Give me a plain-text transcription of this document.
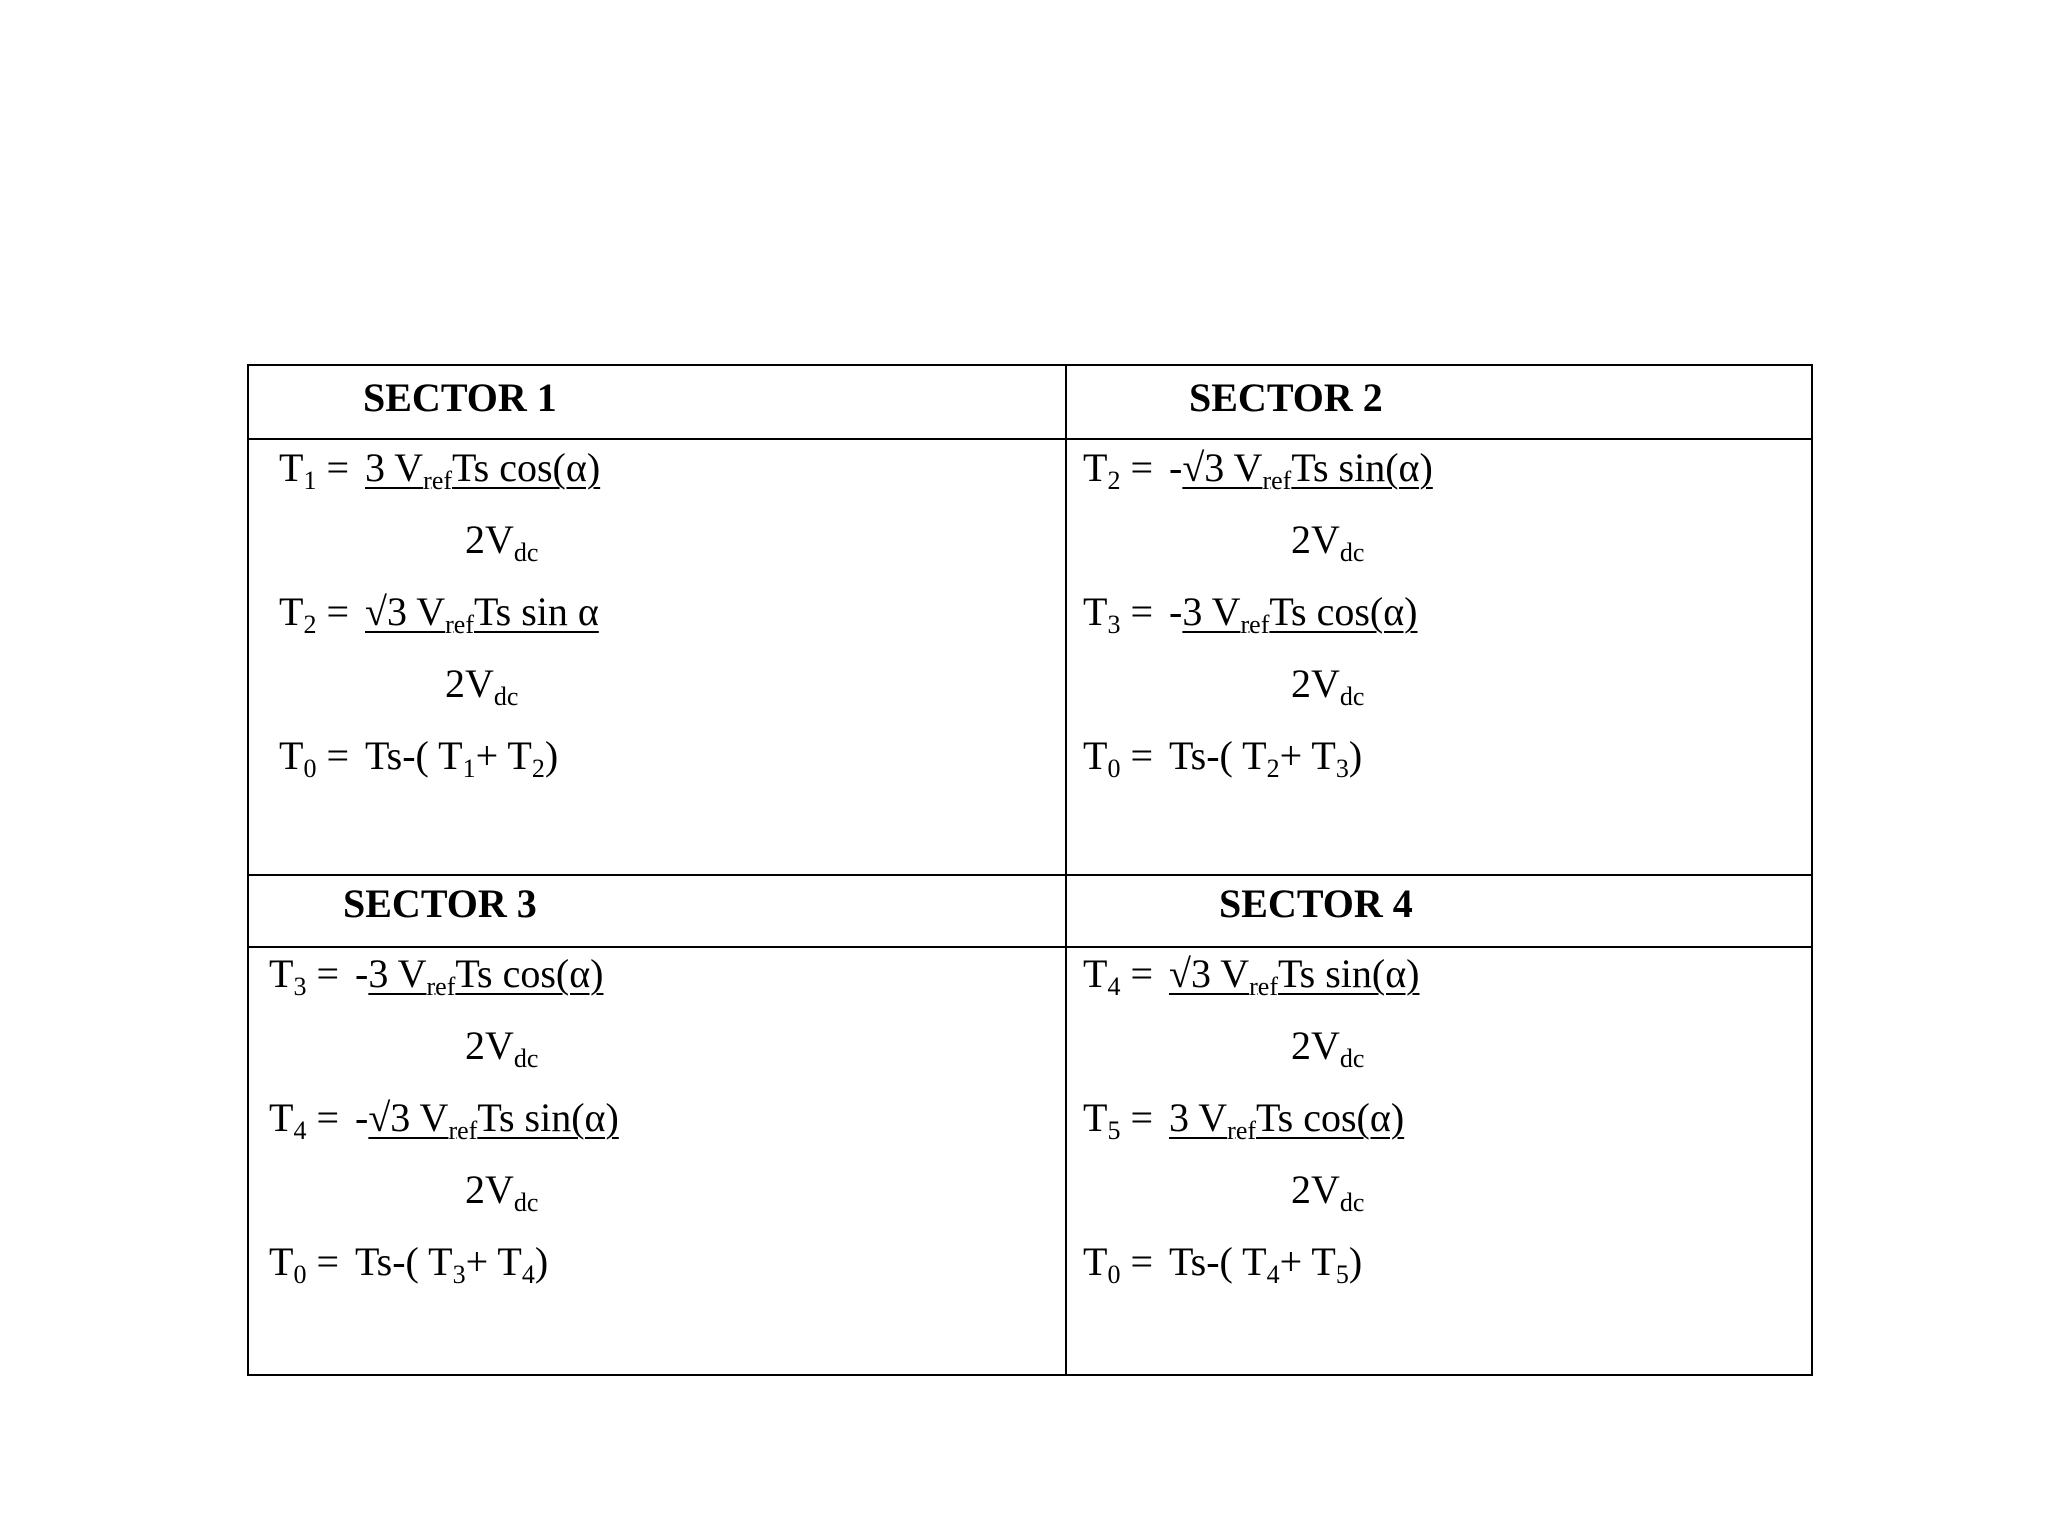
SECTOR 1
$T_1 = 3$ $V_{ref}Ts$ cos(α)
$2V_{dc}$
$T_2 = √3$ $V_{ref}Ts$ sin α
$2V_{dc}$
$T_0 = Ts-$( $T_1+ T_2$)
SECTOR 2
$T_2 = -√3$ $V_{ref}Ts$ sin(α)
$2V_{dc}$
$T_3 = -3$ $V_{ref}Ts$ cos(α)
$2V_{dc}$
$T_0 = Ts-$( $T_2+ T_3$)
SECTOR 3
$T_3 = -3$ $V_{ref}Ts$ cos(α)
$2V_{dc}$
$T_4 = -√3$ $V_{ref}Ts$ sin(α)
$2V_{dc}$
$T_0 = Ts-$( $T_3+ T_4$)
SECTOR 4
$T_4 = √3$ $V_{ref}Ts$ sin(α)
$2V_{dc}$
$T_5 = 3$ $V_{ref}Ts$ cos(α)
$2V_{dc}$
$T_0 = Ts-$( $T_4+ T_5$)
